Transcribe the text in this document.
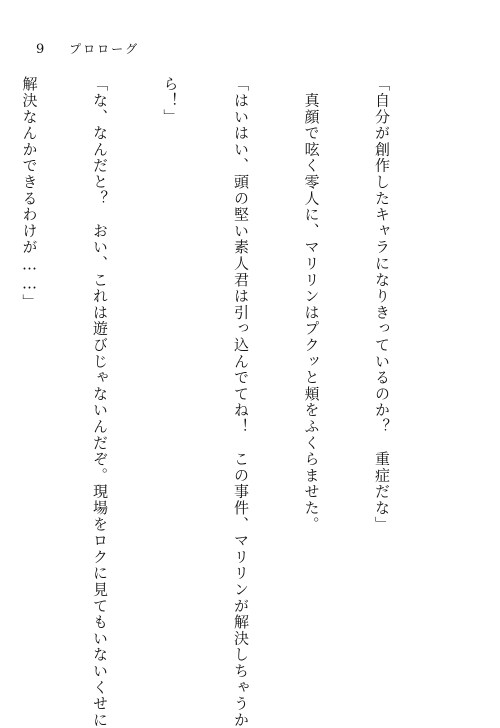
9 プロローグ

「自分が創作したキャラになりきっているのか？　重症だな」

　真顔で呟く零人に、マリリンはプクッと頬をふくらませた。

「はいはい、頭の堅い素人君は引っ込んでてね！　この事件、マリリンが解決しちゃうか

ら！」

「な、なんだと？　おい、これは遊びじゃないんだぞ。現場をロクに見てもいないくせに

解決なんかできるわけが……」
